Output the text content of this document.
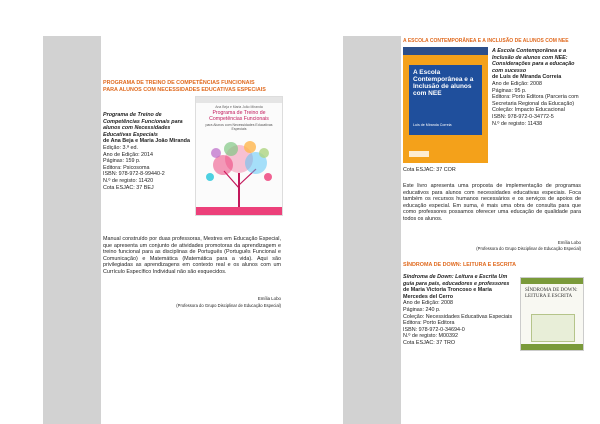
PROGRAMA DE TREINO DE COMPETÊNCIAS FUNCIONAIS
PARA ALUNOS COM NECESSIDADES EDUCATIVAS ESPECIAIS
Programa de Treino de Competências Funcionais para alunos com Necessidades Educativas Especiais
de Ana Beja e Maria João Miranda
Edição: 3.ª ed.
Ano de Edição: 2014
Páginas: 159 p.
Editora: Psicosoma
ISBN: 978-972-8-99440-2
N.º de registo: 11420
Cota ESJAC: 37 BEJ
Ana Beja e Maria João Miranda
Programa de Treino de Competências Funcionais
para Alunos com Necessidades Educativas Especiais
Manual construído por duas professoras, Mestres em Educação Especial, que apresenta um conjunto de atividades promotoras da aprendizagem e treino funcional para as disciplinas de Português (Português Funcional e Comunicação) e Matemática (Matemática para a vida). Aqui são privilegiadas as aprendizagens em contexto real e os alunos com um Currículo Específico Individual não são esquecidos.
Emília Lobo
(Professora do Grupo Disciplinar de Educação Especial)
A ESCOLA CONTEMPORÂNEA E A INCLUSÃO DE ALUNOS COM NEE
A Escola Contemporânea e a Inclusão de alunos com NEE
Luís de Miranda Correia
A Escola Contemporânea e a Inclusão de alunos com NEE: Considerações para a educação com sucesso
de Luís de Miranda Correia
Ano de Edição: 2008
Páginas: 95 p.
Editora: Porto Editora (Parceria com Secretaria Regional da Educação)
Coleção: Impacto Educacional
ISBN: 978-972-0-34772-5
N.º de registo: 11438
Cota ESJAC: 37 COR
Este livro apresenta uma proposta de implementação de programas educativos para alunos com necessidades educativas especiais. Foca também os recursos humanos necessários e os serviços de apoios de educação especial. Em suma, é mais uma obra de consulta para que como professores possamos oferecer uma educação de qualidade para todos os alunos.
Emília Lobo
(Professora do Grupo Disciplinar de Educação Especial)
SÍNDROMA DE DOWN: LEITURA E ESCRITA
Síndroma de Down: Leitura e Escrita Um guia para pais, educadores e professores
de Maria Victoria Troncoso e Maria Mercedes del Cerro
Ano de Edição: 2008
Páginas: 240 p.
Coleção: Necessidades Educativas Especiais
Editora: Porto Editora
ISBN: 978-972-0-34694-0
N.º de registo: M00392
Cota ESJAC: 37 TRO
SÍNDROMA DE DOWN: LEITURA E ESCRITA
